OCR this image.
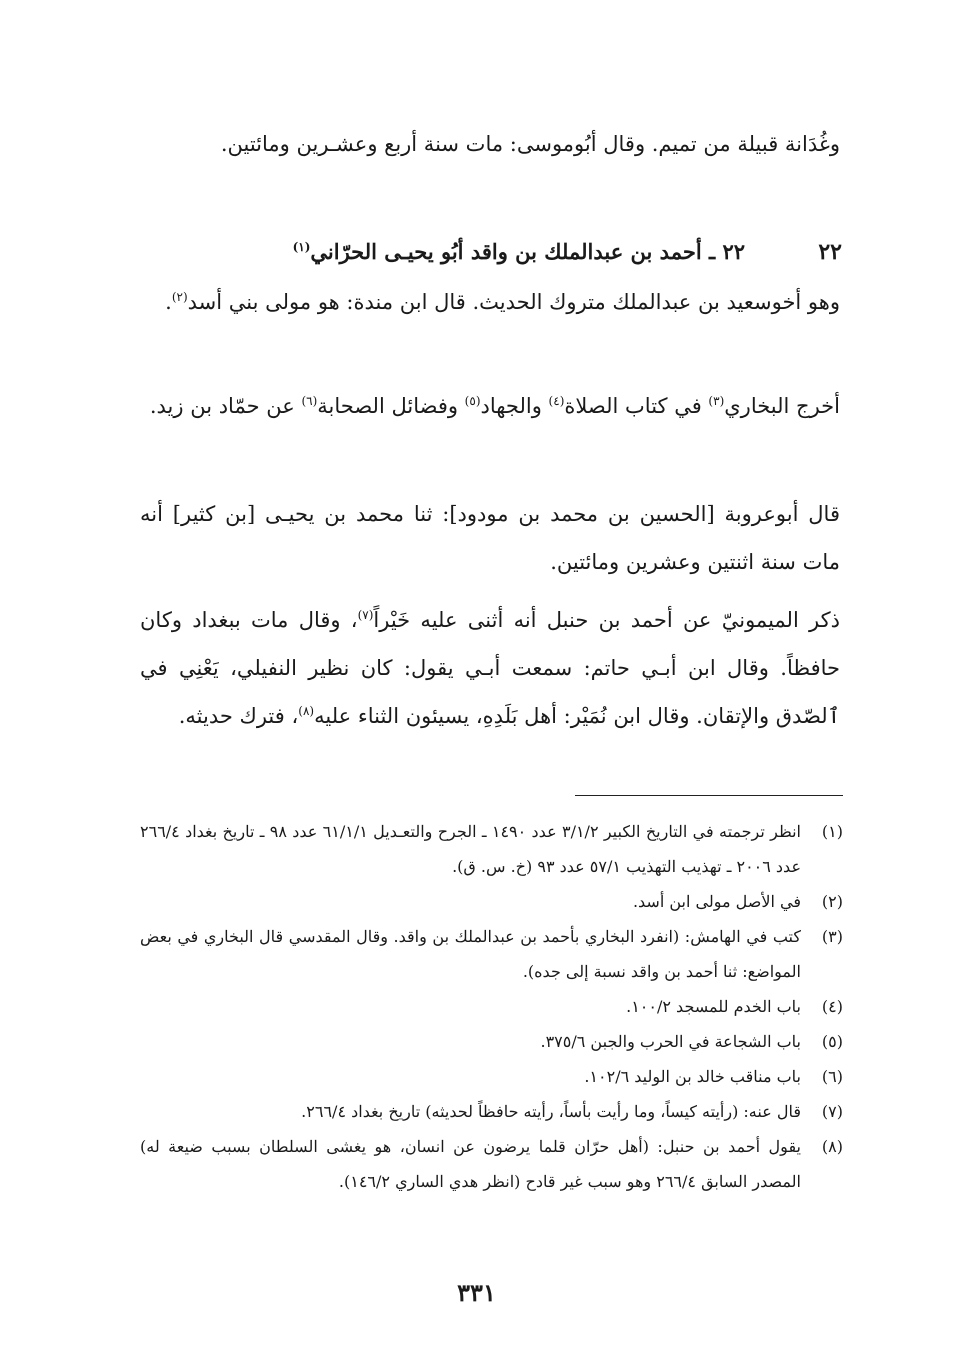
وغُدَانة قبيلة من تميم. وقال أبُوموسى: مات سنة أربع وعشـرين ومائتين.
٢٢
٢٢ ـ أحمد بن عبدالملك بن واقد أبُو يحيـى الحرّاني$^{(١)}$
وهو أخوسعيد بن عبدالملك متروك الحديث. قال ابن مندة: هو مولى بني أسد$^{(٢)}$.
أخرج البخاري$^{(٣)}$ في كتاب الصلاة$^{(٤)}$ والجهاد$^{(٥)}$ وفضائل الصحابة$^{(٦)}$ عن حمّاد بن زيد.
قال أبوعروبة [الحسين بن محمد بن مودود]: ثنا محمد بن يحيـى [بن كثير] أنه مات سنة اثنتين وعشرين ومائتين.
ذكر الميمونيّ عن أحمد بن حنبل أنه أثنى عليه خَيْراً$^{(٧)}$، وقال مات ببغداد وكان حافظاً. وقال ابن أبـي حاتم: سمعت أبـي يقول: كان نظير النفيلي، يَعْنِي في ٱلصّدق والإتقان. وقال ابن نُمَيْر: أهل بَلَدِهِ، يسيئون الثناء عليه$^{(٨)}$، فترك حديثه.
(١)
انظر ترجمته في التاريخ الكبير ٣/١/٢ عدد ١٤٩٠ ـ الجرح والتعـديل ٦١/١/١ عدد ٩٨ ـ تاريخ بغداد ٢٦٦/٤ عدد ٢٠٠٦ ـ تهذيب التهذيب ٥٧/١ عدد ٩٣ (خ. س. ق).
(٢)
في الأصل مولى ابن أسد.
(٣)
كتب في الهامش: (انفرد البخاري بأحمد بن عبدالملك بن واقد. وقال المقدسي قال البخاري في بعض المواضع: ثنا أحمد بن واقد نسبة إلى جده).
(٤)
باب الخدم للمسجد ١٠٠/٢.
(٥)
باب الشجاعة في الحرب والجبن ٣٧٥/٦.
(٦)
باب مناقب خالد بن الوليد ١٠٢/٦.
(٧)
قال عنه: (رأيته كيساً، وما رأيت بأساً، رأيته حافظاً لحديثه) تاريخ بغداد ٢٦٦/٤.
(٨)
يقول أحمد بن حنبل: (أهل حرّان قلما يرضون عن انسان، هو يغشى السلطان بسبب ضيعة له) المصدر السابق ٢٦٦/٤ وهو سبب غير قادح (انظر هدي الساري ١٤٦/٢).
٣٣١
